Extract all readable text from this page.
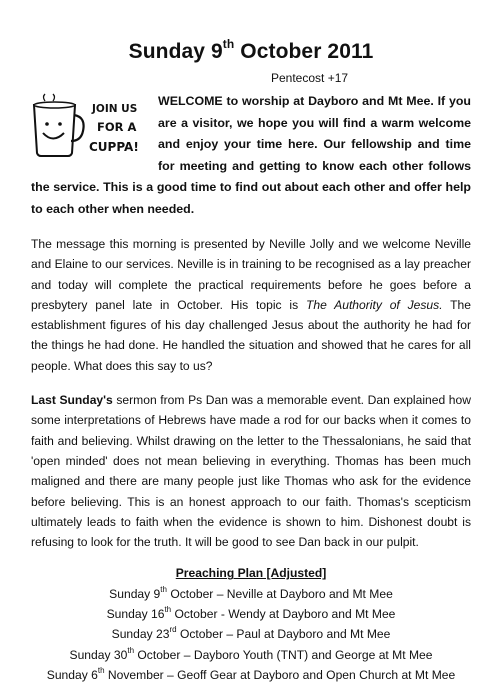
Sunday 9th October 2011
Pentecost +17
JOIN US
FOR A
CUPPA!

WELCOME to worship at Dayboro and Mt Mee. If you are a visitor, we hope you will find a warm welcome and enjoy your time here. Our fellowship and time for meeting and getting to know each other follows the service. This is a good time to find out about each other and offer help to each other when needed.

The message this morning is presented by Neville Jolly and we welcome Neville and Elaine to our services. Neville is in training to be recognised as a lay preacher and today will complete the practical requirements before he goes before a presbytery panel late in October. His topic is The Authority of Jesus. The establishment figures of his day challenged Jesus about the authority he had for the things he had done. He handled the situation and showed that he cares for all people. What does this say to us?

Last Sunday's sermon from Ps Dan was a memorable event. Dan explained how some interpretations of Hebrews have made a rod for our backs when it comes to faith and believing. Whilst drawing on the letter to the Thessalonians, he said that 'open minded' does not mean believing in everything. Thomas has been much maligned and there are many people just like Thomas who ask for the evidence before believing. This is an honest approach to our faith. Thomas's scepticism ultimately leads to faith when the evidence is shown to him. Dishonest doubt is refusing to look for the truth. It will be good to see Dan back in our pulpit.

Preaching Plan [Adjusted]
Sunday 9th October – Neville at Dayboro and Mt Mee
Sunday 16th October - Wendy at Dayboro and Mt Mee
Sunday 23rd October – Paul at Dayboro and Mt Mee
Sunday 30th October – Dayboro Youth (TNT) and George at Mt Mee
Sunday 6th November – Geoff Gear at Dayboro and Open Church at Mt Mee
